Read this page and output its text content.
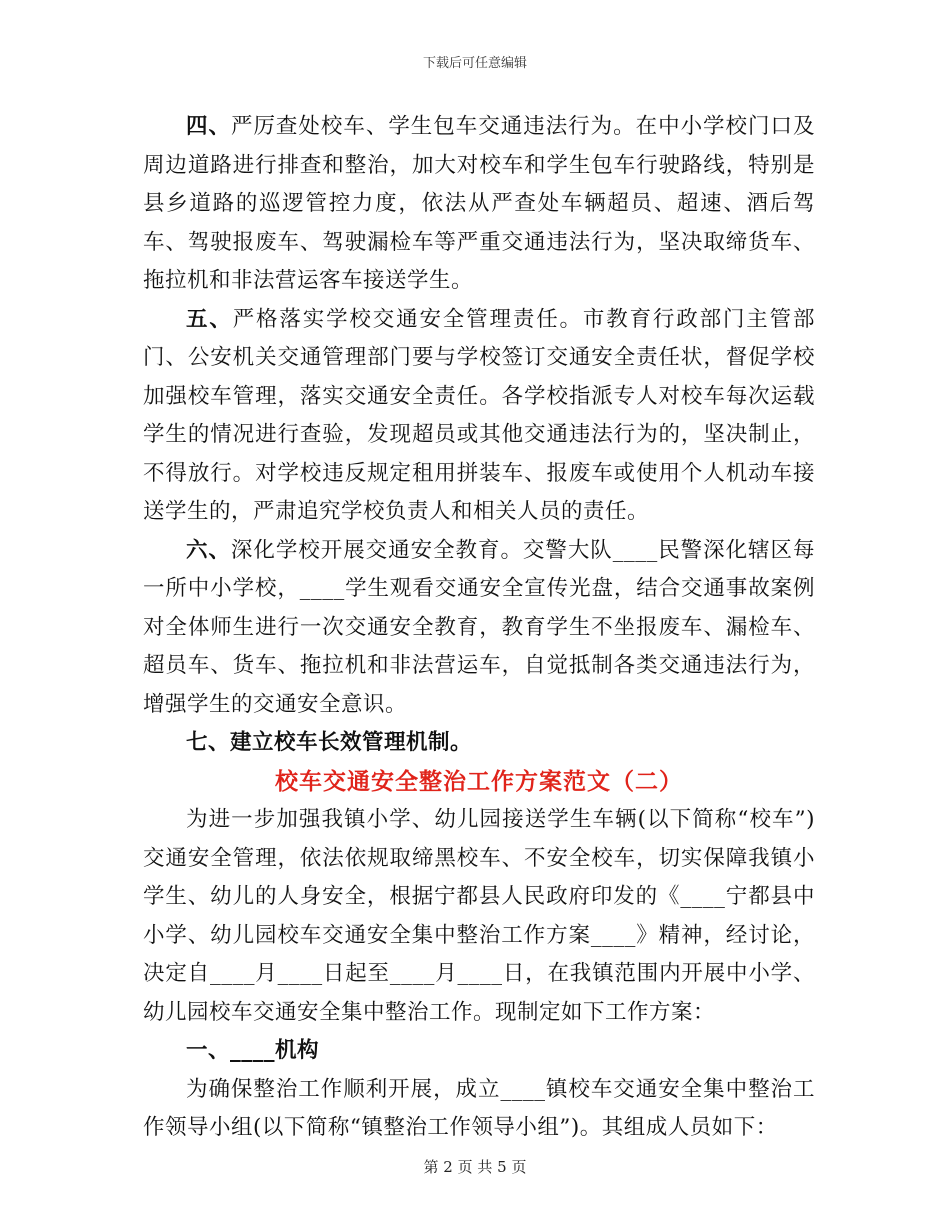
下载后可任意编辑

四、严厉查处校车、学生包车交通违法行为。在中小学校门口及周边道路进行排查和整治，加大对校车和学生包车行驶路线，特别是县乡道路的巡逻管控力度，依法从严查处车辆超员、超速、酒后驾车、驾驶报废车、驾驶漏检车等严重交通违法行为，坚决取缔货车、拖拉机和非法营运客车接送学生。

五、严格落实学校交通安全管理责任。市教育行政部门主管部门、公安机关交通管理部门要与学校签订交通安全责任状，督促学校加强校车管理，落实交通安全责任。各学校指派专人对校车每次运载学生的情况进行查验，发现超员或其他交通违法行为的，坚决制止，不得放行。对学校违反规定租用拼装车、报废车或使用个人机动车接送学生的，严肃追究学校负责人和相关人员的责任。

六、深化学校开展交通安全教育。交警大队____民警深化辖区每一所中小学校，____学生观看交通安全宣传光盘，结合交通事故案例对全体师生进行一次交通安全教育，教育学生不坐报废车、漏检车、超员车、货车、拖拉机和非法营运车，自觉抵制各类交通违法行为，增强学生的交通安全意识。

七、建立校车长效管理机制。

校车交通安全整治工作方案范文（二）

为进一步加强我镇小学、幼儿园接送学生车辆(以下简称“校车”)交通安全管理，依法依规取缔黑校车、不安全校车，切实保障我镇小学生、幼儿的人身安全，根据宁都县人民政府印发的《____宁都县中小学、幼儿园校车交通安全集中整治工作方案____》精神，经讨论，决定自____月____日起至____月____日，在我镇范围内开展中小学、幼儿园校车交通安全集中整治工作。现制定如下工作方案：

一、____机构

为确保整治工作顺利开展，成立____镇校车交通安全集中整治工作领导小组(以下简称“镇整治工作领导小组”)。其组成人员如下：

第 2 页 共 5 页
